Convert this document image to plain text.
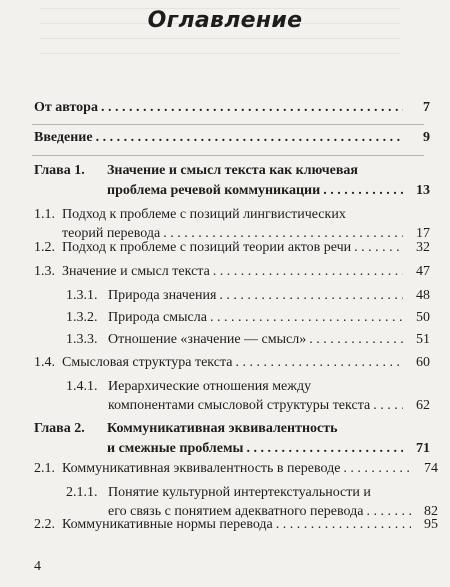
Оглавление
От автора . . .	7
Введение . . .	9
Глава 1. Значение и смысл текста как ключевая
проблема речевой коммуникации . . .	13
1.1. Подход к проблеме с позиций лингвистических
теорий перевода . . .	17
1.2. Подход к проблеме с позиций теории актов речи . . .	32
1.3. Значение и смысл текста . . .	47
1.3.1. Природа значения . . .	48
1.3.2. Природа смысла . . .	50
1.3.3. Отношение «значение — смысл» . . .	51
1.4. Смысловая структура текста . . .	60
1.4.1. Иерархические отношения между
компонентами смысловой структуры текста . . .	62
Глава 2. Коммуникативная эквивалентность
и смежные проблемы . . .	71
2.1. Коммуникативная эквивалентность в переводе . . .	74
2.1.1. Понятие культурной интертекстуальности и
его связь с понятием адекватного перевода . . .	82
2.2. Коммуникативные нормы перевода . . .	95
4
